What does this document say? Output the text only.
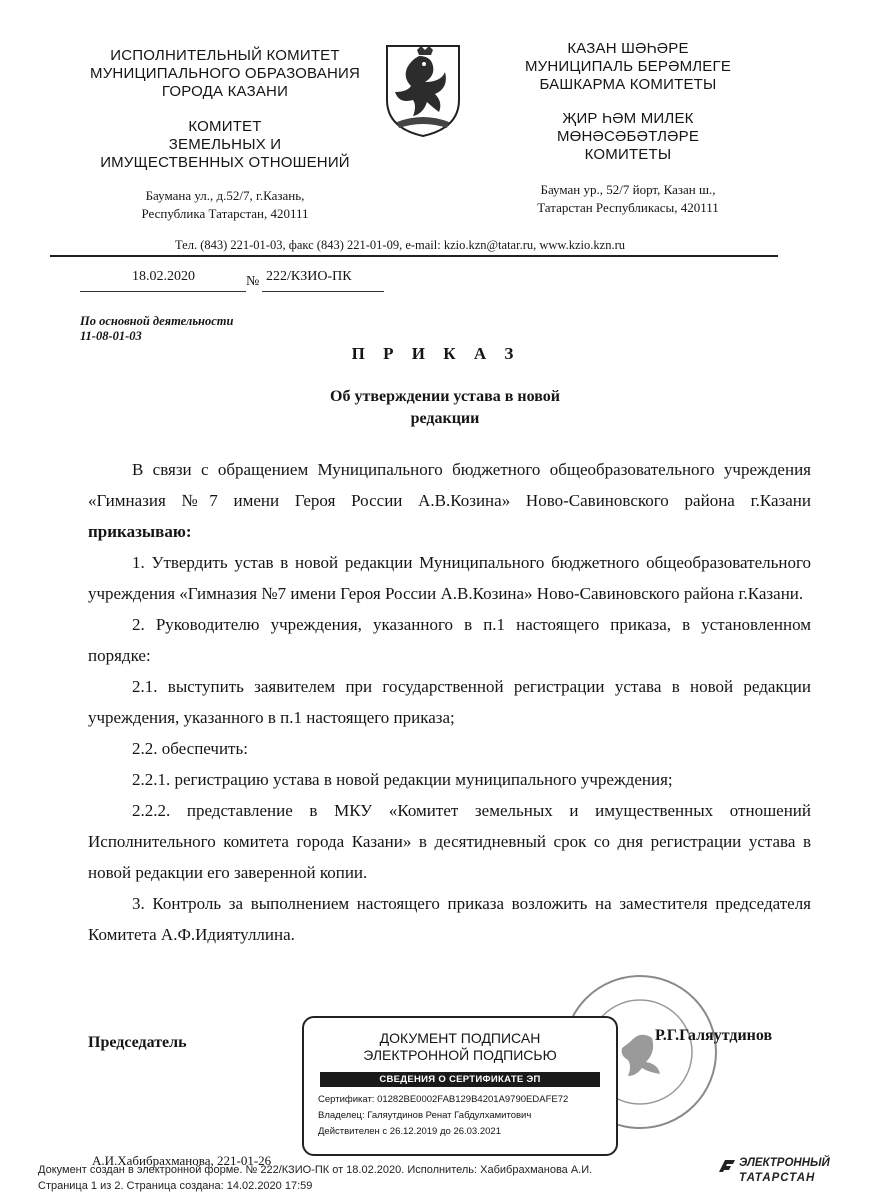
ИСПОЛНИТЕЛЬНЫЙ КОМИТЕТ
МУНИЦИПАЛЬНОГО ОБРАЗОВАНИЯ
ГОРОДА КАЗАНИ
КОМИТЕТ
ЗЕМЕЛЬНЫХ И
ИМУЩЕСТВЕННЫХ ОТНОШЕНИЙ
Баумана ул., д.52/7, г.Казань,
Республика Татарстан, 420111
КАЗАН ШӘҺӘРЕ
МУНИЦИПАЛЬ БЕРӘМЛЕГЕ
БАШКАРМА КОМИТЕТЫ
ҖИР ҺӘМ МИЛЕК
МӨНӘСӘБӘТЛӘРЕ
КОМИТЕТЫ
Бауман ур., 52/7 йорт, Казан ш.,
Татарстан Республикасы, 420111
Тел. (843) 221-01-03, факс (843) 221-01-09, e-mail: kzio.kzn@tatar.ru, www.kzio.kzn.ru
18.02.2020	№ 222/КЗИО-ПК
По основной деятельности
11-08-01-03
П Р И К А З
Об утверждении устава в новой
редакции

В связи с обращением Муниципального бюджетного общеобразовательного учреждения «Гимназия №7 имени Героя России А.В.Козина» Ново-Савиновского района г.Казани приказываю:

1. Утвердить устав в новой редакции Муниципального бюджетного общеобразовательного учреждения «Гимназия №7 имени Героя России А.В.Козина» Ново-Савиновского района г.Казани.

2. Руководителю учреждения, указанного в п.1 настоящего приказа, в установленном порядке:

2.1. выступить заявителем при государственной регистрации устава в новой редакции учреждения, указанного в п.1 настоящего приказа;

2.2. обеспечить:

2.2.1. регистрацию устава в новой редакции муниципального учреждения;

2.2.2. представление в МКУ «Комитет земельных и имущественных отношений Исполнительного комитета города Казани» в десятидневный срок со дня регистрации устава в новой редакции его заверенной копии.

3. Контроль за выполнением настоящего приказа возложить на заместителя председателя Комитета А.Ф.Идиятуллина.

Председатель	Р.Г.Галяутдинов
ДОКУМЕНТ ПОДПИСАН
ЭЛЕКТРОННОЙ ПОДПИСЬЮ
СВЕДЕНИЯ О СЕРТИФИКАТЕ ЭП
Сертификат: 01282BE0002FAB129B4201A9790EDAFE72
Владелец: Галяутдинов Ренат Габдулхамитович
Действителен с 26.12.2019 до 26.03.2021
А.И.Хабибрахманова, 221-01-26
Документ создан в электронной форме. № 222/КЗИО-ПК от 18.02.2020. Исполнитель: Хабибрахманова А.И.
Страница 1 из 2. Страница создана: 14.02.2020 17:59
ЭЛЕКТРОННЫЙ
ТАТАРСТАН
